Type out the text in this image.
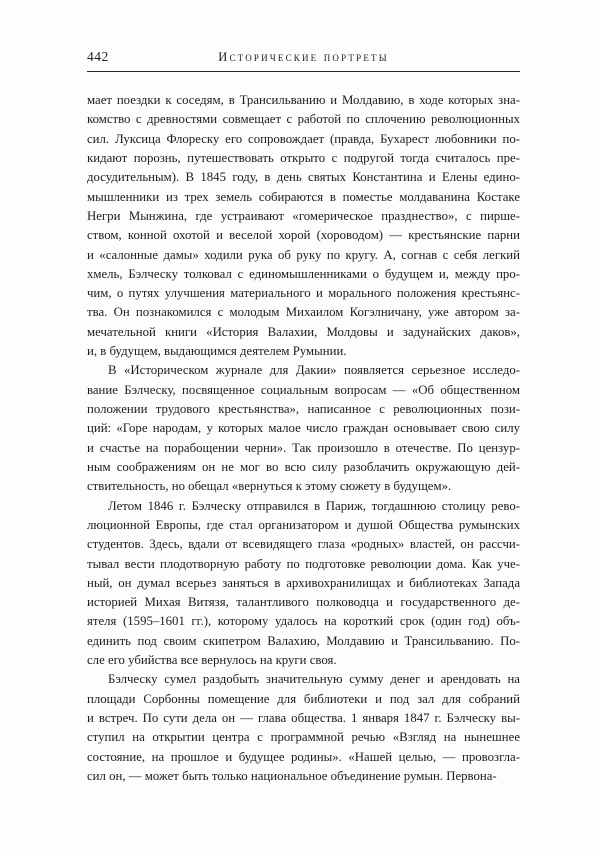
442	Исторические портреты
мает поездки к соседям, в Трансильванию и Молдавию, в ходе которых зна-
комство с древностями совмещает с работой по сплочению революционных
сил. Луксица Флореску его сопровождает (правда, Бухарест любовники по-
кидают порознь, путешествовать открыто с подругой тогда считалось пре-
досудительным). В 1845 году, в день святых Константина и Елены едино-
мышленники из трех земель собираются в поместье молдаванина Костаке
Негри Мынжина, где устраивают «гомерическое празднество», с пирше-
ством, конной охотой и веселой хорой (хороводом) — крестьянские парни
и «салонные дамы» ходили рука об руку по кругу. А, согнав с себя легкий
хмель, Бэлческу толковал с единомышленниками о будущем и, между про-
чим, о путях улучшения материального и морального положения крестьянс-
тва. Он познакомился с молодым Михаилом Когэлничану, уже автором за-
мечательной книги «История Валахии, Молдовы и задунайских даков»,
и, в будущем, выдающимся деятелем Румынии.
В «Историческом журнале для Дакии» появляется серьезное исследо-
вание Бэлческу, посвященное социальным вопросам — «Об общественном
положении трудового крестьянства», написанное с революционных пози-
ций: «Горе народам, у которых малое число граждан основывает свою силу
и счастье на порабощении черни». Так произошло в отечестве. По цензур-
ным соображениям он не мог во всю силу разоблачить окружающую дей-
ствительность, но обещал «вернуться к этому сюжету в будущем».
Летом 1846 г. Бэлческу отправился в Париж, тогдашнюю столицу рево-
люционной Европы, где стал организатором и душой Общества румынских
студентов. Здесь, вдали от всевидящего глаза «родных» властей, он рассчи-
тывал вести плодотворную работу по подготовке революции дома. Как уче-
ный, он думал всерьез заняться в архивохранилищах и библиотеках Запада
историей Михая Витязя, талантливого полководца и государственного де-
ятеля (1595–1601 гг.), которому удалось на короткий срок (один год) объ-
единить под своим скипетром Валахию, Молдавию и Трансильванию. По-
сле его убийства все вернулось на круги своя.
Бэлческу сумел раздобыть значительную сумму денег и арендовать на
площади Сорбонны помещение для библиотеки и под зал для собраний
и встреч. По сути дела он — глава общества. 1 января 1847 г. Бэлческу вы-
ступил на открытии центра с программной речью «Взгляд на нынешнее
состояние, на прошлое и будущее родины». «Нашей целью, — провозгла-
сил он, — может быть только национальное объединение румын. Первона-
